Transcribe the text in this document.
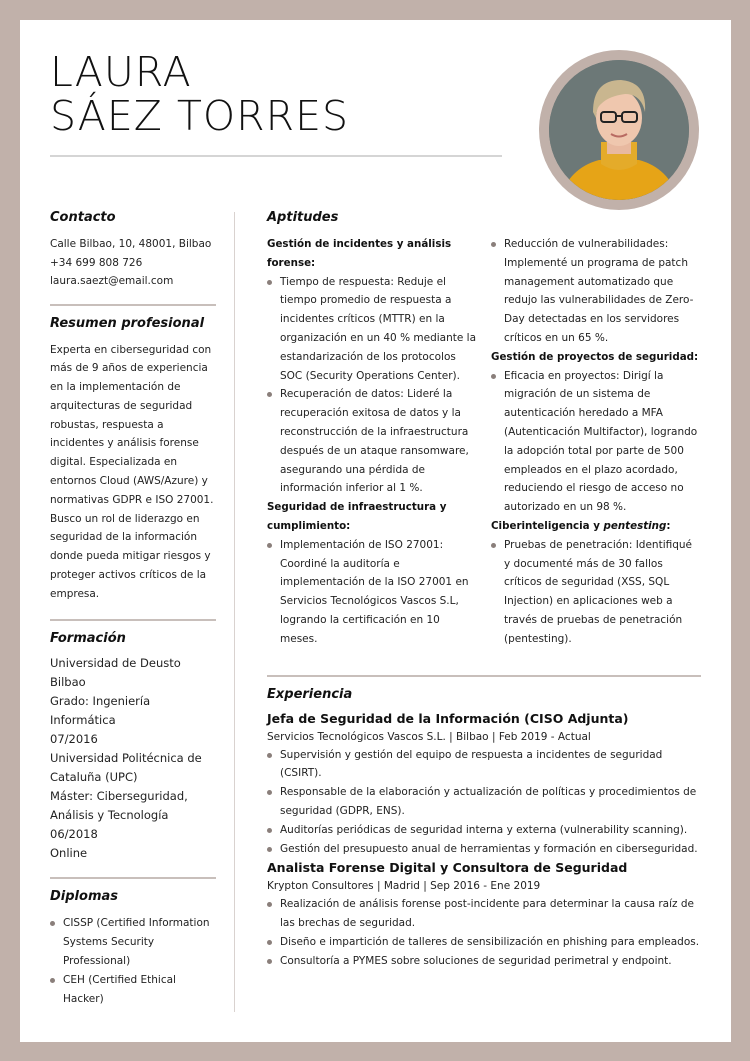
LAURA
SÁEZ TORRES
Contacto
Calle Bilbao, 10, 48001, Bilbao
+34 699 808 726
laura.saezt@email.com
Resumen profesional

Experta en ciberseguridad con más de 9 años de experiencia en la implementación de arquitecturas de seguridad robustas, respuesta a incidentes y análisis forense digital. Especializada en entornos Cloud (AWS/Azure) y normativas GDPR e ISO 27001. Busco un rol de liderazgo en seguridad de la información donde pueda mitigar riesgos y proteger activos críticos de la empresa.

Formación
Universidad de Deusto
Bilbao
Grado: Ingeniería Informática
07/2016
Universidad Politécnica de Cataluña (UPC)
Máster: Ciberseguridad, Análisis y Tecnología
06/2018
Online
Diplomas
CISSP (Certified Information Systems Security Professional)
CEH (Certified Ethical Hacker)
Aptitudes
Gestión de incidentes y análisis forense:
Tiempo de respuesta: Reduje el tiempo promedio de respuesta a incidentes críticos (MTTR) en la organización en un 40 % mediante la estandarización de los protocolos SOC (Security Operations Center).
Recuperación de datos: Lideré la recuperación exitosa de datos y la reconstrucción de la infraestructura después de un ataque ransomware, asegurando una pérdida de información inferior al 1 %.
Seguridad de infraestructura y cumplimiento:
Implementación de ISO 27001: Coordiné la auditoría e implementación de la ISO 27001 en Servicios Tecnológicos Vascos S.L, logrando la certificación en 10 meses.
Reducción de vulnerabilidades: Implementé un programa de patch management automatizado que redujo las vulnerabilidades de Zero-Day detectadas en los servidores críticos en un 65 %.
Gestión de proyectos de seguridad:
Eficacia en proyectos: Dirigí la migración de un sistema de autenticación heredado a MFA (Autenticación Multifactor), logrando la adopción total por parte de 500 empleados en el plazo acordado, reduciendo el riesgo de acceso no autorizado en un 98 %.
Ciberinteligencia y pentesting:
Pruebas de penetración: Identifiqué y documenté más de 30 fallos críticos de seguridad (XSS, SQL Injection) en aplicaciones web a través de pruebas de penetración (pentesting).
Experiencia
Jefa de Seguridad de la Información (CISO Adjunta)
Servicios Tecnológicos Vascos S.L. | Bilbao | Feb 2019 - Actual
Supervisión y gestión del equipo de respuesta a incidentes de seguridad (CSIRT).
Responsable de la elaboración y actualización de políticas y procedimientos de seguridad (GDPR, ENS).
Auditorías periódicas de seguridad interna y externa (vulnerability scanning).
Gestión del presupuesto anual de herramientas y formación en ciberseguridad.
Analista Forense Digital y Consultora de Seguridad
Krypton Consultores | Madrid | Sep 2016 - Ene 2019
Realización de análisis forense post-incidente para determinar la causa raíz de las brechas de seguridad.
Diseño e impartición de talleres de sensibilización en phishing para empleados.
Consultoría a PYMES sobre soluciones de seguridad perimetral y endpoint.
